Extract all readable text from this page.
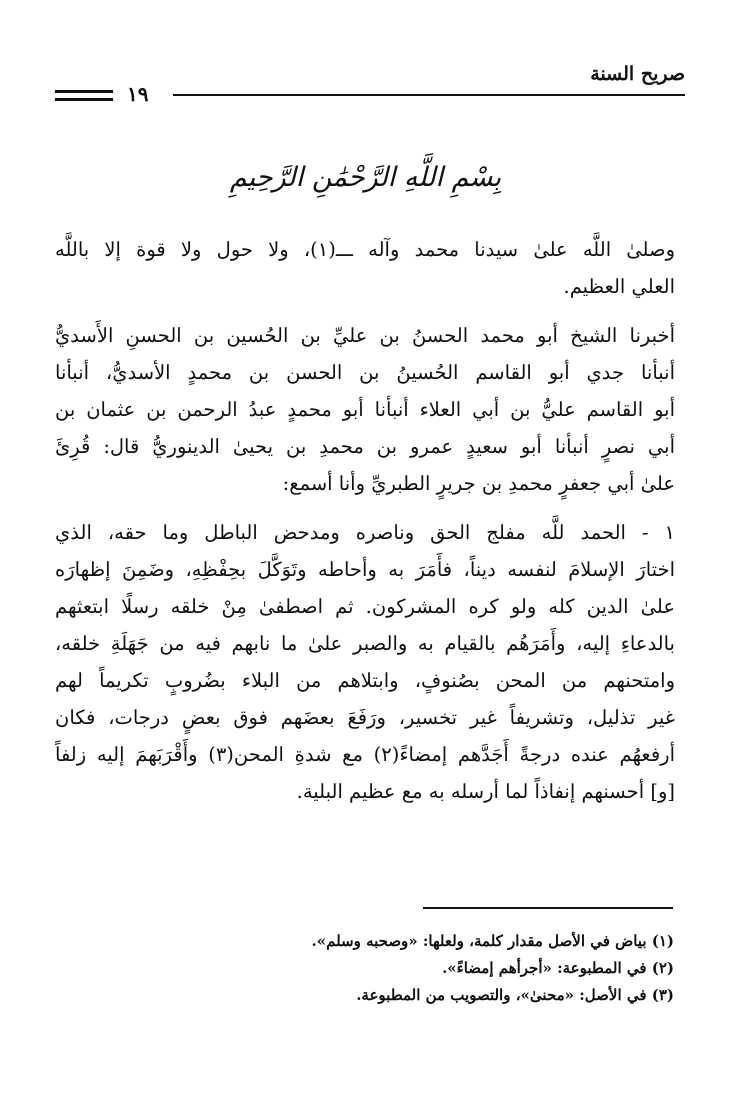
صريح السنة
١٩
بِسْمِ اللَّهِ الرَّحْمَٰنِ الرَّحِيمِ

وصلىٰ اللَّه علىٰ سيدنا محمد وآله ـــ(١)، ولا حول ولا قوة إلا باللَّه
العلي العظيم.

أخبرنا الشيخ أبو محمد الحسنُ بن عليِّ بن الحُسين بن الحسنِ الأَسديُّ
أنبأنا جدي أبو القاسم الحُسينُ بن الحسن بن محمدٍ الأسديُّ، أنبأنا
أبو القاسم عليُّ بن أبي العلاء أنبأنا أبو محمدٍ عبدُ الرحمن بن عثمان بن
أبي نصرٍ أنبأنا أبو سعيدٍ عمرو بن محمدِ بن يحيىٰ الدينوريُّ قال: قُرِئَ
علىٰ أبي جعفرٍ محمدِ بن جريرٍ الطبريِّ وأنا أسمع:

١ - الحمد للَّه مفلج الحق وناصره ومدحض الباطل وما حقه، الذي
اختارَ الإسلامَ لنفسه ديناً، فأَمَرَ به وأحاطه وتَوَكَّلَ بحِفْظِهِ، وضَمِنَ إظهارَه
علىٰ الدين كله ولو كره المشركون. ثم اصطفىٰ مِنْ خلقه رسلًا ابتعثهم
بالدعاءِ إليه، وأَمَرَهُم بالقيام به والصبر علىٰ ما نابهم فيه من جَهَلَةِ خلقه،
وامتحنهم من المحن بصُنوفٍ، وابتلاهم من البلاء بضُروبٍ تكريماً لهم
غير تذليل، وتشريفاً غير تخسير، ورَفَعَ بعضَهم فوق بعضٍ درجات، فكان
أرفعهُم عنده درجةً أَجَدَّهم إمضاءً(٢) مع شدةِ المحن(٣) وأَقْرَبَهمَ إليه زلفاً
[و] أحسنهم إنفاذاً لما أرسله به مع عظيم البلية.

(١) بياض في الأصل مقدار كلمة، ولعلها: «وصحبه وسلم».
(٢) في المطبوعة: «أجرأهم إمضاءً».
(٣) في الأصل: «محنىٰ»، والتصويب من المطبوعة.
